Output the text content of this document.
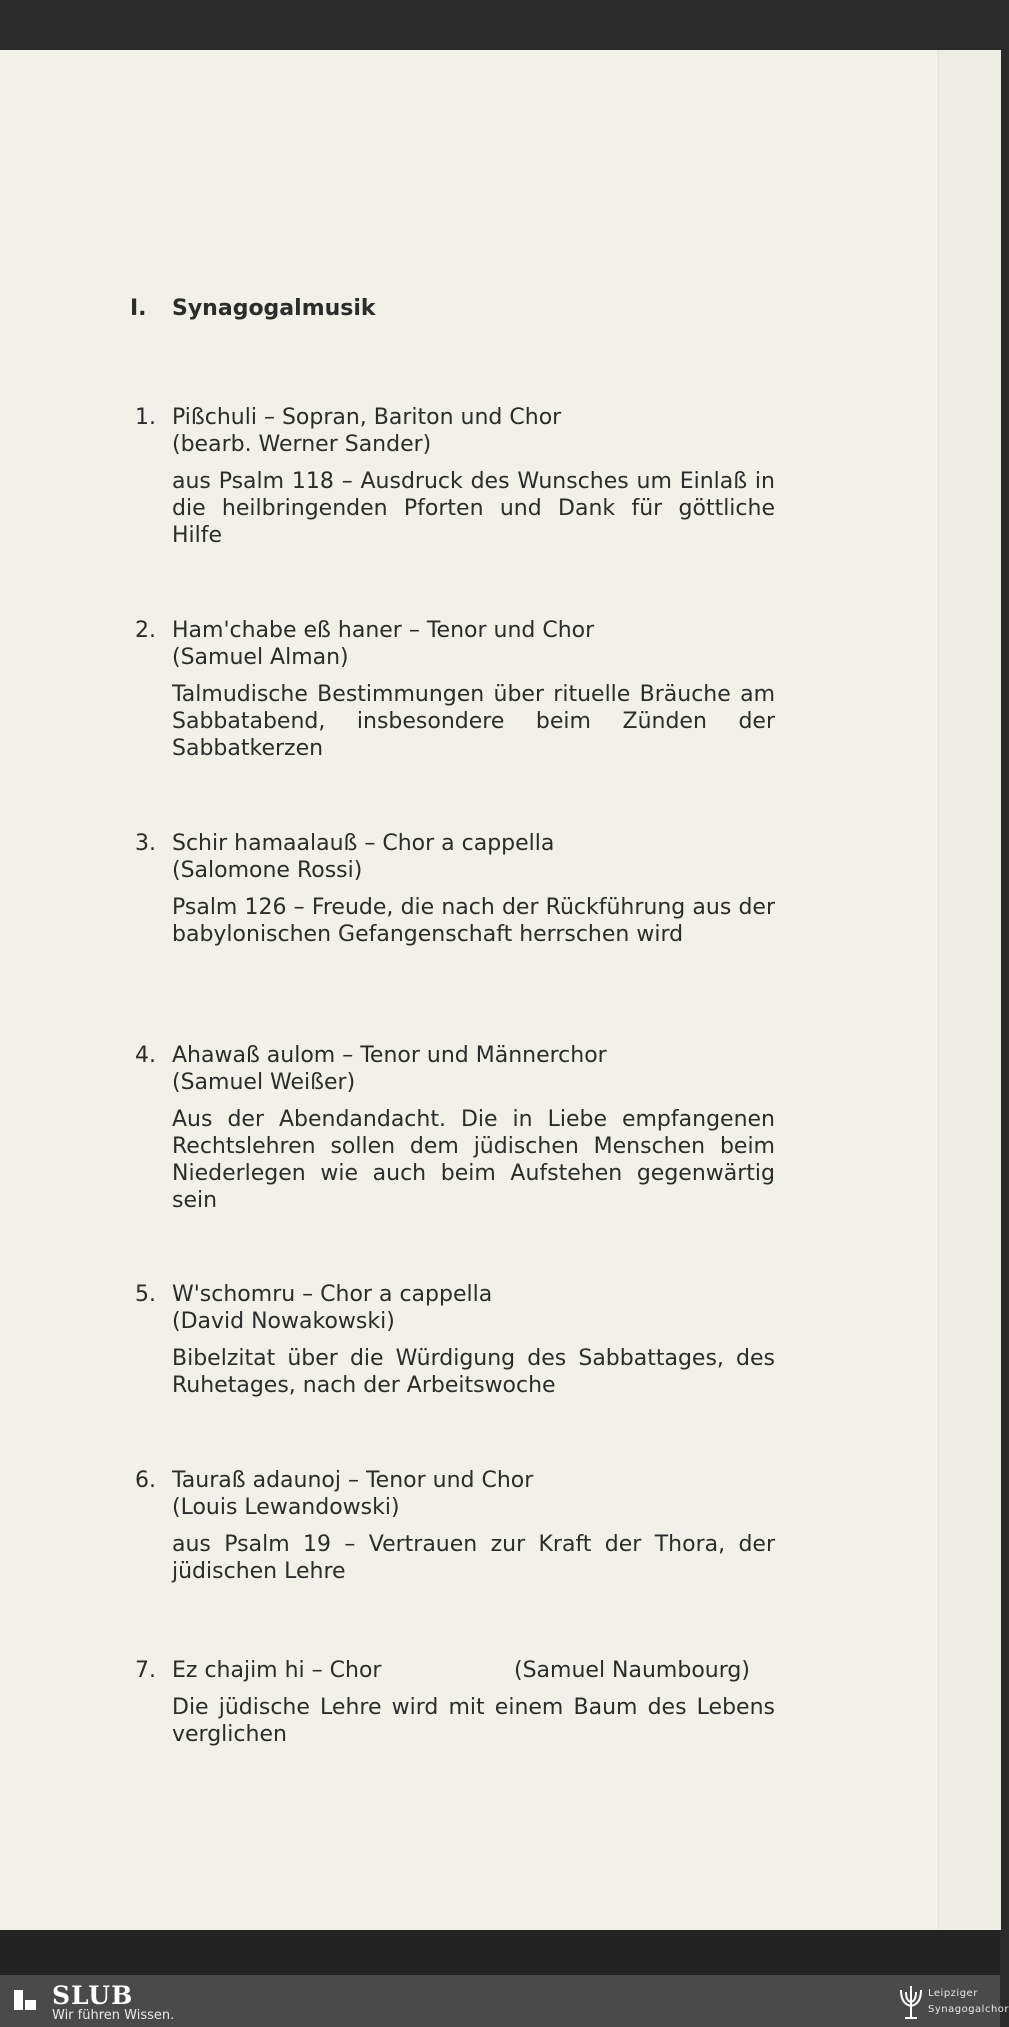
I. Synagogalmusik
1. Pißchuli – Sopran, Bariton und Chor
(bearb. Werner Sander)
aus Psalm 118 – Ausdruck des Wunsches um Einlaß in die heilbringenden Pforten und Dank für göttliche Hilfe
2. Ham'chabe eß haner – Tenor und Chor
(Samuel Alman)
Talmudische Bestimmungen über rituelle Bräuche am Sabbatabend, insbesondere beim Zünden der Sabbatkerzen
3. Schir hamaalauß – Chor a cappella
(Salomone Rossi)
Psalm 126 – Freude, die nach der Rückführung aus der babylonischen Gefangenschaft herrschen wird
4. Ahawaß aulom – Tenor und Männerchor
(Samuel Weißer)
Aus der Abendandacht. Die in Liebe empfangenen Rechtslehren sollen dem jüdischen Menschen beim Niederlegen wie auch beim Aufstehen gegenwärtig sein
5. W'schomru – Chor a cappella
(David Nowakowski)
Bibelzitat über die Würdigung des Sabbattages, des Ruhetages, nach der Arbeitswoche
6. Tauraß adaunoj – Tenor und Chor
(Louis Lewandowski)
aus Psalm 19 – Vertrauen zur Kraft der Thora, der jüdischen Lehre
7. Ez chajim hi – Chor	(Samuel Naumbourg)
Die jüdische Lehre wird mit einem Baum des Lebens verglichen
SLUB
Wir führen Wissen.
Leipziger
Synagogalchor
